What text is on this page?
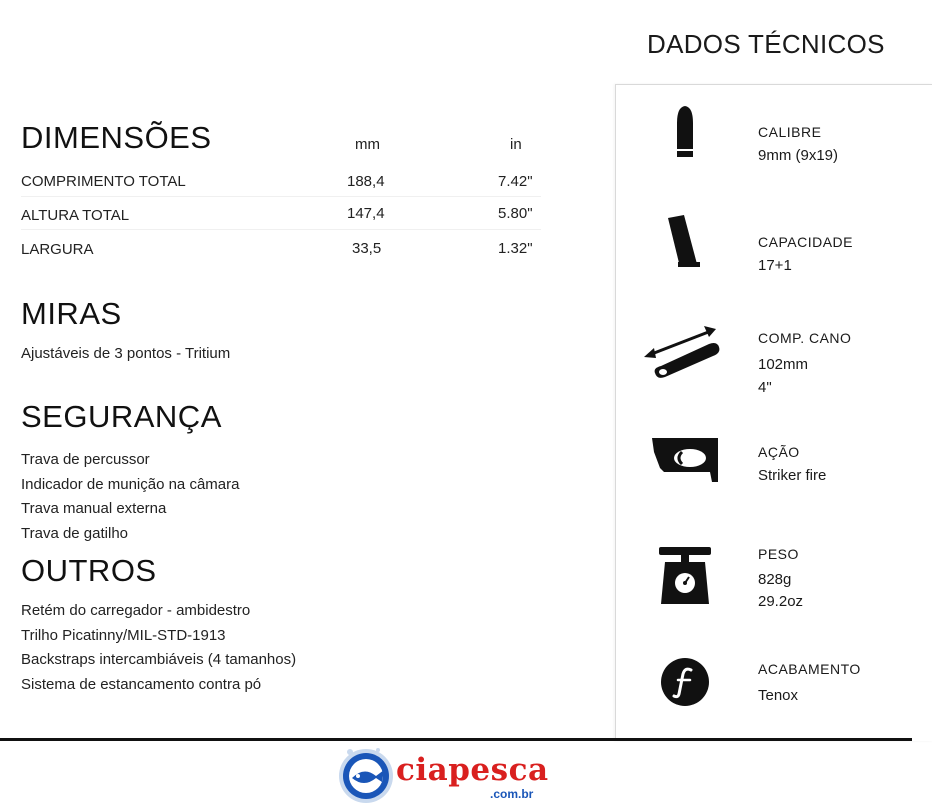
DADOS TÉCNICOS
DIMENSÕES	mm	in
COMPRIMENTO TOTAL	188,4	7.42"
ALTURA TOTAL	147,4	5.80"
LARGURA	33,5	1.32"
MIRAS
Ajustáveis de 3 pontos - Tritium
SEGURANÇA
Trava de percussor
Indicador de munição na câmara
Trava manual externa
Trava de gatilho
OUTROS
Retém do carregador - ambidestro
Trilho Picatinny/MIL-STD-1913
Backstraps intercambiáveis (4 tamanhos)
Sistema de estancamento contra pó
CALIBRE
9mm (9x19)
CAPACIDADE
17+1
COMP. CANO
102mm
4"
AÇÃO
Striker fire
PESO
828g
29.2oz
ACABAMENTO
Tenox
ciapesca
.com.br
